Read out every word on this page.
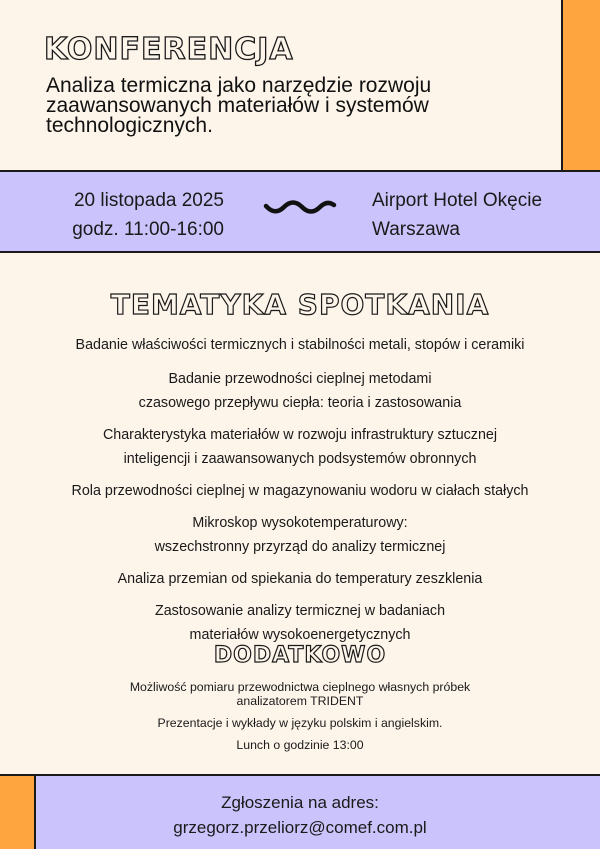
KONFERENCJA
Analiza termiczna jako narzędzie rozwoju
zaawansowanych materiałów i systemów
technologicznych.
20 listopada 2025
godz. 11:00-16:00
Airport Hotel Okęcie
Warszawa
TEMATYKA SPOTKANIA
Badanie właściwości termicznych i stabilności metali, stopów i ceramiki
Badanie przewodności cieplnej metodami
czasowego przepływu ciepła: teoria i zastosowania
Charakterystyka materiałów w rozwoju infrastruktury sztucznej
inteligencji i zaawansowanych podsystemów obronnych
Rola przewodności cieplnej w magazynowaniu wodoru w ciałach stałych
Mikroskop wysokotemperaturowy:
wszechstronny przyrząd do analizy termicznej
Analiza przemian od spiekania do temperatury zeszklenia
Zastosowanie analizy termicznej w badaniach
materiałów wysokoenergetycznych
DODATKOWO
Możliwość pomiaru przewodnictwa cieplnego własnych próbek
analizatorem TRIDENT
Prezentacje i wykłady w języku polskim i angielskim.
Lunch o godzinie 13:00
Zgłoszenia na adres:
grzegorz.przeliorz@comef.com.pl
